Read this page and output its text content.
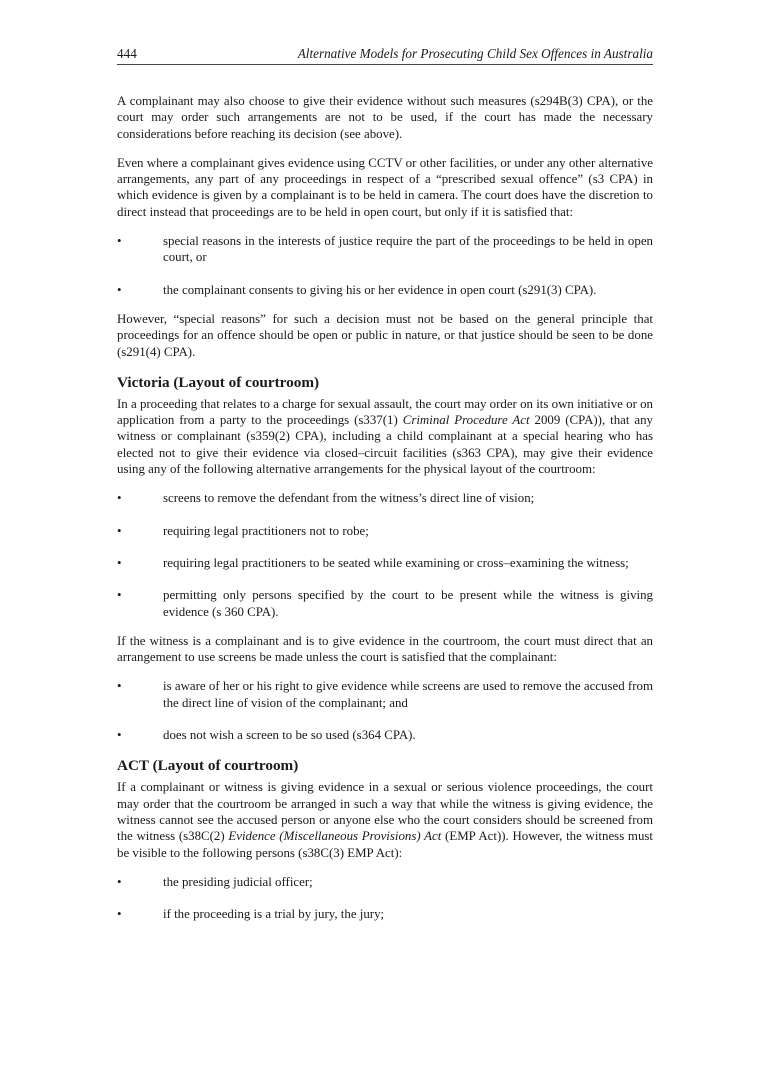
444	Alternative Models for Prosecuting Child Sex Offences in Australia

A complainant may also choose to give their evidence without such measures (s294B(3) CPA), or the court may order such arrangements are not to be used, if the court has made the necessary considerations before reaching its decision (see above).

Even where a complainant gives evidence using CCTV or other facilities, or under any other alternative arrangements, any part of any proceedings in respect of a “prescribed sexual offence” (s3 CPA) in which evidence is given by a complainant is to be held in camera. The court does have the discretion to direct instead that proceedings are to be held in open court, but only if it is satisfied that:

•	special reasons in the interests of justice require the part of the proceedings to be held in open court, or
•	the complainant consents to giving his or her evidence in open court (s291(3) CPA).

However, “special reasons” for such a decision must not be based on the general principle that proceedings for an offence should be open or public in nature, or that justice should be seen to be done (s291(4) CPA).

Victoria (Layout of courtroom)

In a proceeding that relates to a charge for sexual assault, the court may order on its own initiative or on application from a party to the proceedings (s337(1) Criminal Procedure Act 2009 (CPA)), that any witness or complainant (s359(2) CPA), including a child complainant at a special hearing who has elected not to give their evidence via closed–circuit facilities (s363 CPA), may give their evidence using any of the following alternative arrangements for the physical layout of the courtroom:

•	screens to remove the defendant from the witness’s direct line of vision;
•	requiring legal practitioners not to robe;
•	requiring legal practitioners to be seated while examining or cross–examining the witness;
•	permitting only persons specified by the court to be present while the witness is giving evidence (s 360 CPA).

If the witness is a complainant and is to give evidence in the courtroom, the court must direct that an arrangement to use screens be made unless the court is satisfied that the complainant:

•	is aware of her or his right to give evidence while screens are used to remove the accused from the direct line of vision of the complainant; and
•	does not wish a screen to be so used (s364 CPA).
ACT (Layout of courtroom)

If a complainant or witness is giving evidence in a sexual or serious violence proceedings, the court may order that the courtroom be arranged in such a way that while the witness is giving evidence, the witness cannot see the accused person or anyone else who the court considers should be screened from the witness (s38C(2) Evidence (Miscellaneous Provisions) Act (EMP Act)). However, the witness must be visible to the following persons (s38C(3) EMP Act):

•	the presiding judicial officer;
•	if the proceeding is a trial by jury, the jury;
